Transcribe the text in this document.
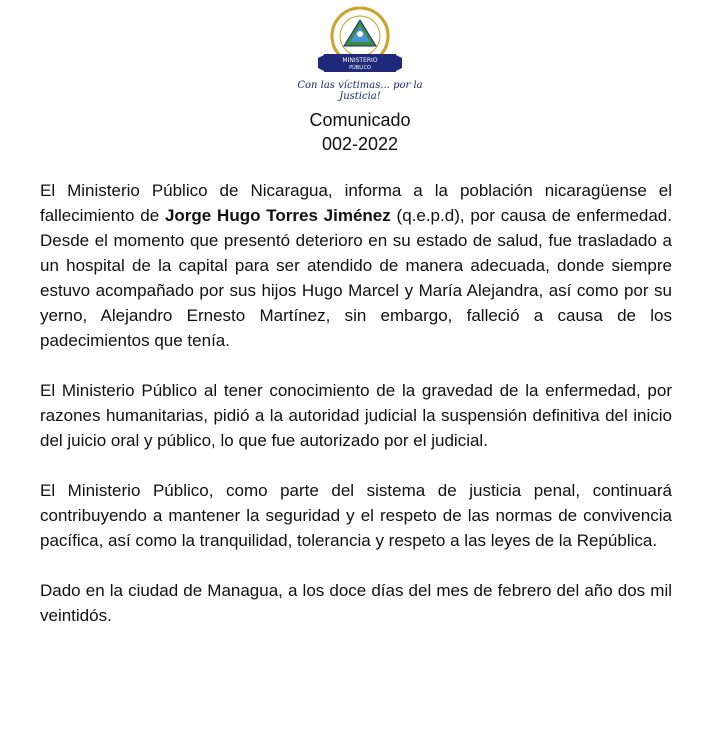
MINISTERIO
PÚBLICO
Con las víctimas... por la Justicia!
Comunicado
002-2022

El Ministerio Público de Nicaragua, informa a la población nicaragüense el fallecimiento de Jorge Hugo Torres Jiménez (q.e.p.d), por causa de enfermedad. Desde el momento que presentó deterioro en su estado de salud, fue trasladado a un hospital de la capital para ser atendido de manera adecuada, donde siempre estuvo acompañado por sus hijos Hugo Marcel y María Alejandra, así como por su yerno, Alejandro Ernesto Martínez, sin embargo, falleció a causa de los padecimientos que tenía.

El Ministerio Público al tener conocimiento de la gravedad de la enfermedad, por razones humanitarias, pidió a la autoridad judicial la suspensión definitiva del inicio del juicio oral y público, lo que fue autorizado por el judicial.

El Ministerio Público, como parte del sistema de justicia penal, continuará contribuyendo a mantener la seguridad y el respeto de las normas de convivencia pacífica, así como la tranquilidad, tolerancia y respeto a las leyes de la República.

Dado en la ciudad de Managua, a los doce días del mes de febrero del año dos mil veintidós.
